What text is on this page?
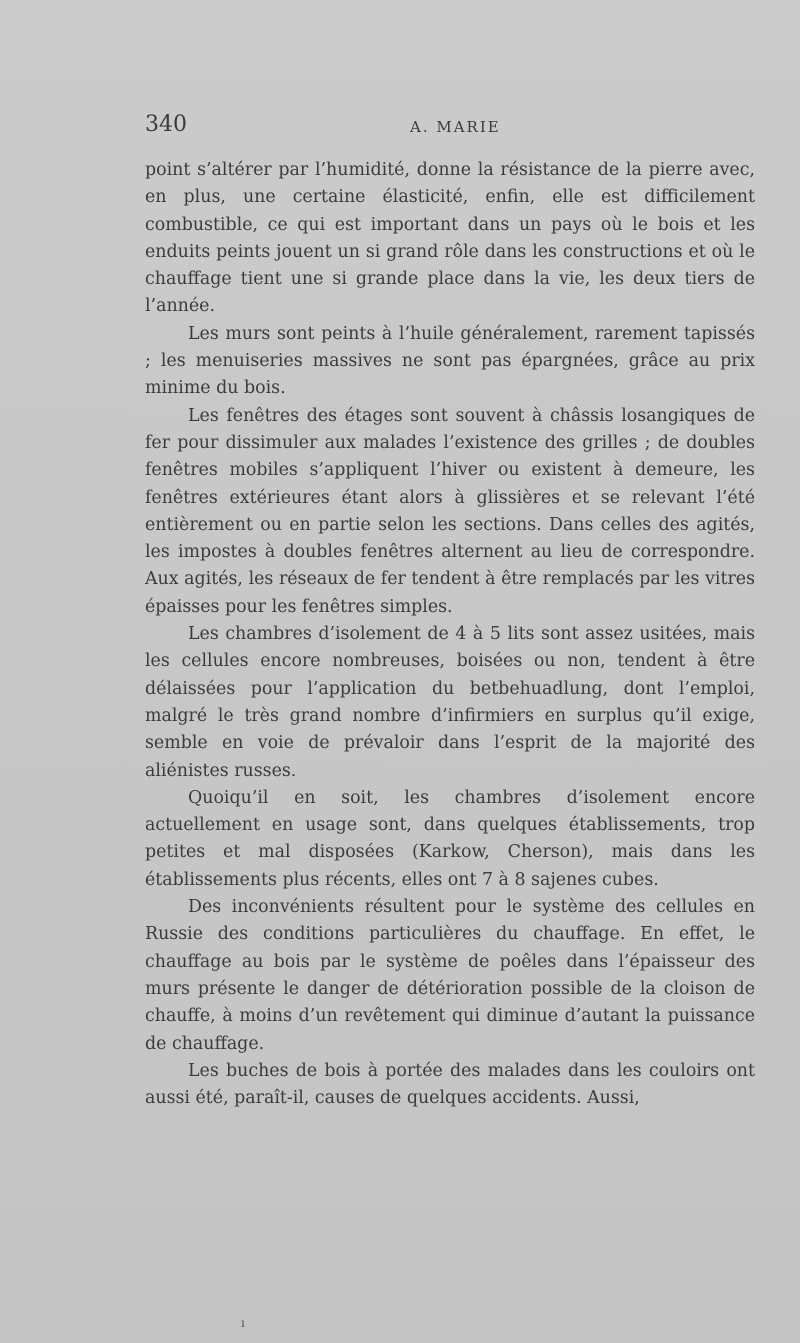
340	A. MARIE

point s’altérer par l’humidité, donne la résistance de la pierre avec, en plus, une certaine élasticité, enfin, elle est difficilement combustible, ce qui est important dans un pays où le bois et les enduits peints jouent un si grand rôle dans les constructions et où le chauffage tient une si grande place dans la vie, les deux tiers de l’année.

Les murs sont peints à l’huile généralement, rarement tapissés ; les menuiseries massives ne sont pas épargnées, grâce au prix minime du bois.

Les fenêtres des étages sont souvent à châssis losangiques de fer pour dissimuler aux malades l’existence des grilles ; de doubles fenêtres mobiles s’appliquent l’hiver ou existent à demeure, les fenêtres extérieures étant alors à glissières et se relevant l’été entièrement ou en partie selon les sections. Dans celles des agités, les impostes à doubles fenêtres alternent au lieu de correspondre. Aux agités, les réseaux de fer tendent à être remplacés par les vitres épaisses pour les fenêtres simples.

Les chambres d’isolement de 4 à 5 lits sont assez usitées, mais les cellules encore nombreuses, boisées ou non, tendent à être délaissées pour l’application du betbehuadlung, dont l’emploi, malgré le très grand nombre d’infirmiers en surplus qu’il exige, semble en voie de prévaloir dans l’esprit de la majorité des aliénistes russes.

Quoiqu’il en soit, les chambres d’isolement encore actuellement en usage sont, dans quelques établissements, trop petites et mal disposées (Karkow, Cherson), mais dans les établissements plus récents, elles ont 7 à 8 sajenes cubes.

Des inconvénients résultent pour le système des cellules en Russie des conditions particulières du chauffage. En effet, le chauffage au bois par le système de poêles dans l’épaisseur des murs présente le danger de détérioration possible de la cloison de chauffe, à moins d’un revêtement qui diminue d’autant la puissance de chauffage.

Les buches de bois à portée des malades dans les couloirs ont aussi été, paraît-il, causes de quelques accidents. Aussi,

ı
